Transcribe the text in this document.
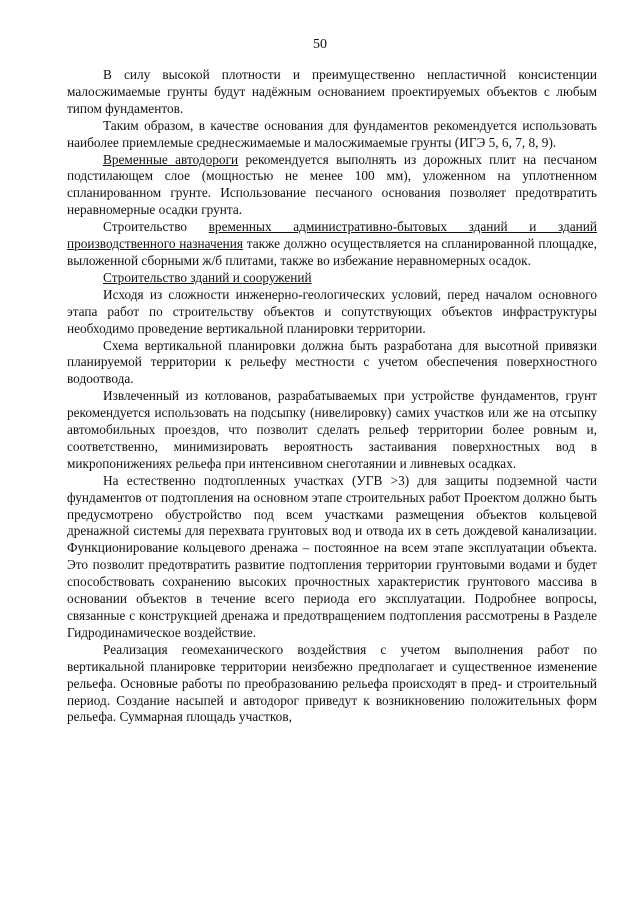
50

В силу высокой плотности и преимущественно непластичной консистенции малосжимаемые грунты будут надёжным основанием проектируемых объектов с любым типом фундаментов.

Таким образом, в качестве основания для фундаментов рекомендуется использовать наиболее приемлемые среднесжимаемые и малосжимаемые грунты (ИГЭ 5, 6, 7, 8, 9).

Временные автодороги рекомендуется выполнять из дорожных плит на песчаном подстилающем слое (мощностью не менее 100 мм), уложенном на уплотненном спланированном грунте. Использование песчаного основания позволяет предотвратить неравномерные осадки грунта.

Строительство временных административно-бытовых зданий и зданий производственного назначения также должно осуществляется на спланированной площадке, выложенной сборными ж/б плитами, также во избежание неравномерных осадок.

Строительство зданий и сооружений

Исходя из сложности инженерно-геологических условий, перед началом основного этапа работ по строительству объектов и сопутствующих объектов инфраструктуры необходимо проведение вертикальной планировки территории.

Схема вертикальной планировки должна быть разработана для высотной привязки планируемой территории к рельефу местности с учетом обеспечения поверхностного водоотвода.

Извлеченный из котлованов, разрабатываемых при устройстве фундаментов, грунт рекомендуется использовать на подсыпку (нивелировку) самих участков или же на отсыпку автомобильных проездов, что позволит сделать рельеф территории более ровным и, соответственно, минимизировать вероятность застаивания поверхностных вод в микропонижениях рельефа при интенсивном снеготаянии и ливневых осадках.

На естественно подтопленных участках (УГВ >3) для защиты подземной части фундаментов от подтопления на основном этапе строительных работ Проектом должно быть предусмотрено обустройство под всем участками размещения объектов кольцевой дренажной системы для перехвата грунтовых вод и отвода их в сеть дождевой канализации. Функционирование кольцевого дренажа – постоянное на всем этапе эксплуатации объекта. Это позволит предотвратить развитие подтопления территории грунтовыми водами и будет способствовать сохранению высоких прочностных характеристик грунтового массива в основании объектов в течение всего периода его эксплуатации. Подробнее вопросы, связанные с конструкцией дренажа и предотвращением подтопления рассмотрены в Разделе Гидродинамическое воздействие.

Реализация геомеханического воздействия с учетом выполнения работ по вертикальной планировке территории неизбежно предполагает и существенное изменение рельефа. Основные работы по преобразованию рельефа происходят в пред- и строительный период. Создание насыпей и автодорог приведут к возникновению положительных форм рельефа. Суммарная площадь участков,
